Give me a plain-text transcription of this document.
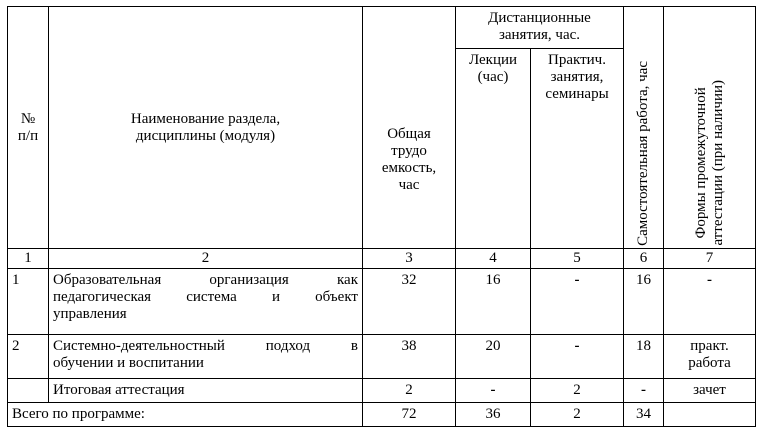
№ п/п	Наименование раздела, дисциплины (модуля)	Общая трудо емкость, час	Дистанционные занятия, час.		Самостоятельная работа, час	Формы промежуточной
аттестации (при наличии)

			Лекции (час)	Практич. занятия, семинары		

1	2	3	4	5	6	7
1	Образовательная организация как
педагогическая система и объект
управления	32	16	-	16	-
2	Системно-деятельностный подход в
обучении и воспитании	38	20	-	18	практ.
работа

	Итоговая аттестация	2	-	2	-	зачет
Всего по программе:		72	36	2	34	
